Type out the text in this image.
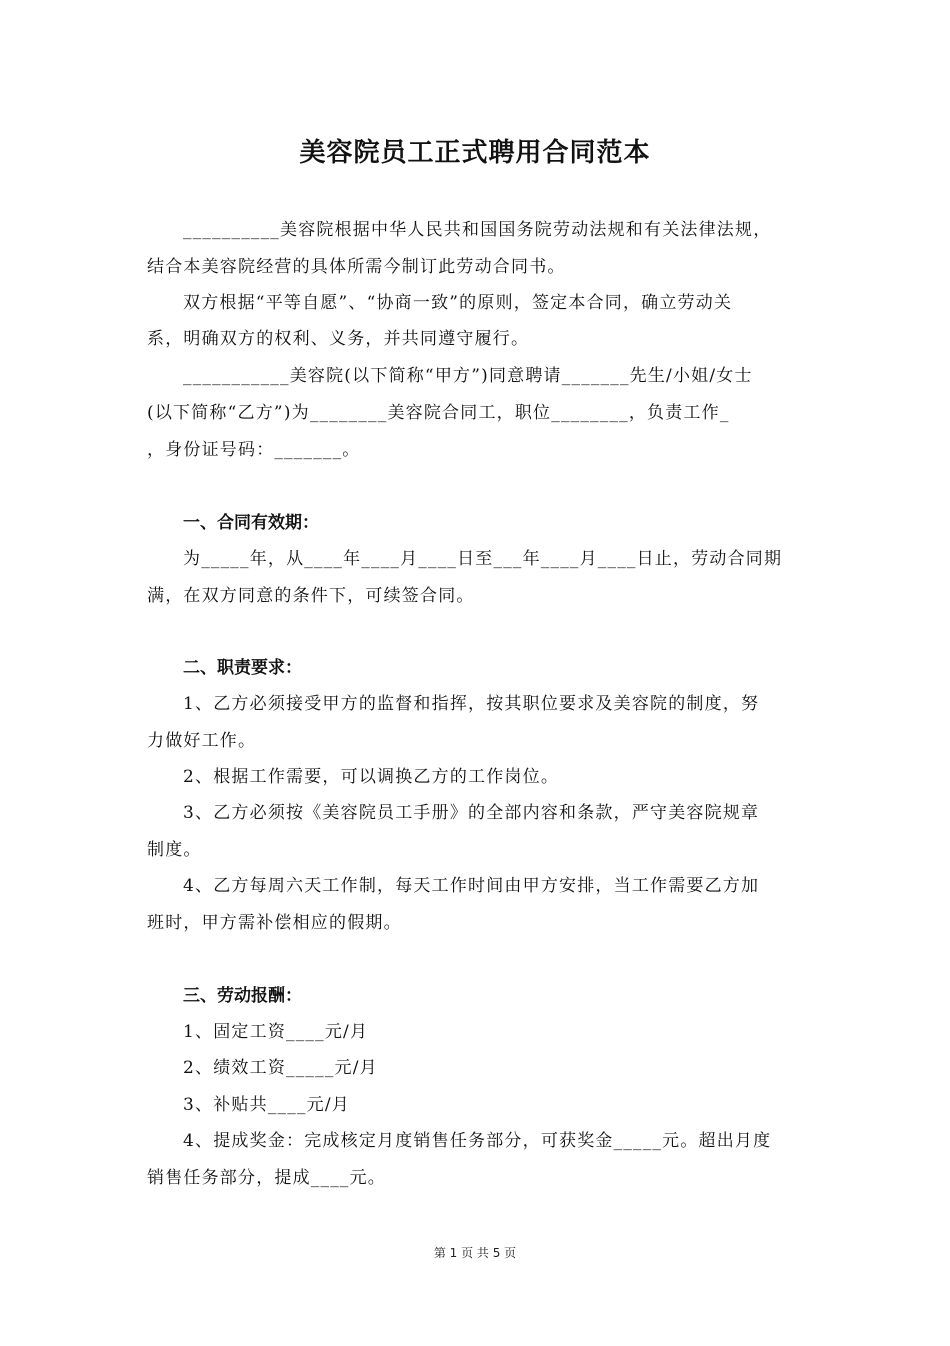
美容院员工正式聘用合同范本
__________美容院根据中华人民共和国国务院劳动法规和有关法律法规，
结合本美容院经营的具体所需今制订此劳动合同书。
双方根据“平等自愿”、“协商一致”的原则，签定本合同，确立劳动关
系，明确双方的权利、义务，并共同遵守履行。
___________美容院(以下简称“甲方”)同意聘请_______先生/小姐/女士
(以下简称“乙方”)为________美容院合同工，职位________，负责工作_
，身份证号码：_______。
一、合同有效期：
为_____年，从____年____月____日至___年____月____日止，劳动合同期
满，在双方同意的条件下，可续签合同。
二、职责要求：
1、乙方必须接受甲方的监督和指挥，按其职位要求及美容院的制度，努
力做好工作。
2、根据工作需要，可以调换乙方的工作岗位。
3、乙方必须按《美容院员工手册》的全部内容和条款，严守美容院规章
制度。
4、乙方每周六天工作制，每天工作时间由甲方安排，当工作需要乙方加
班时，甲方需补偿相应的假期。
三、劳动报酬：
1、固定工资____元/月
2、绩效工资_____元/月
3、补贴共____元/月
4、提成奖金：完成核定月度销售任务部分，可获奖金_____元。超出月度
销售任务部分，提成____元。
第 1 页 共 5 页
